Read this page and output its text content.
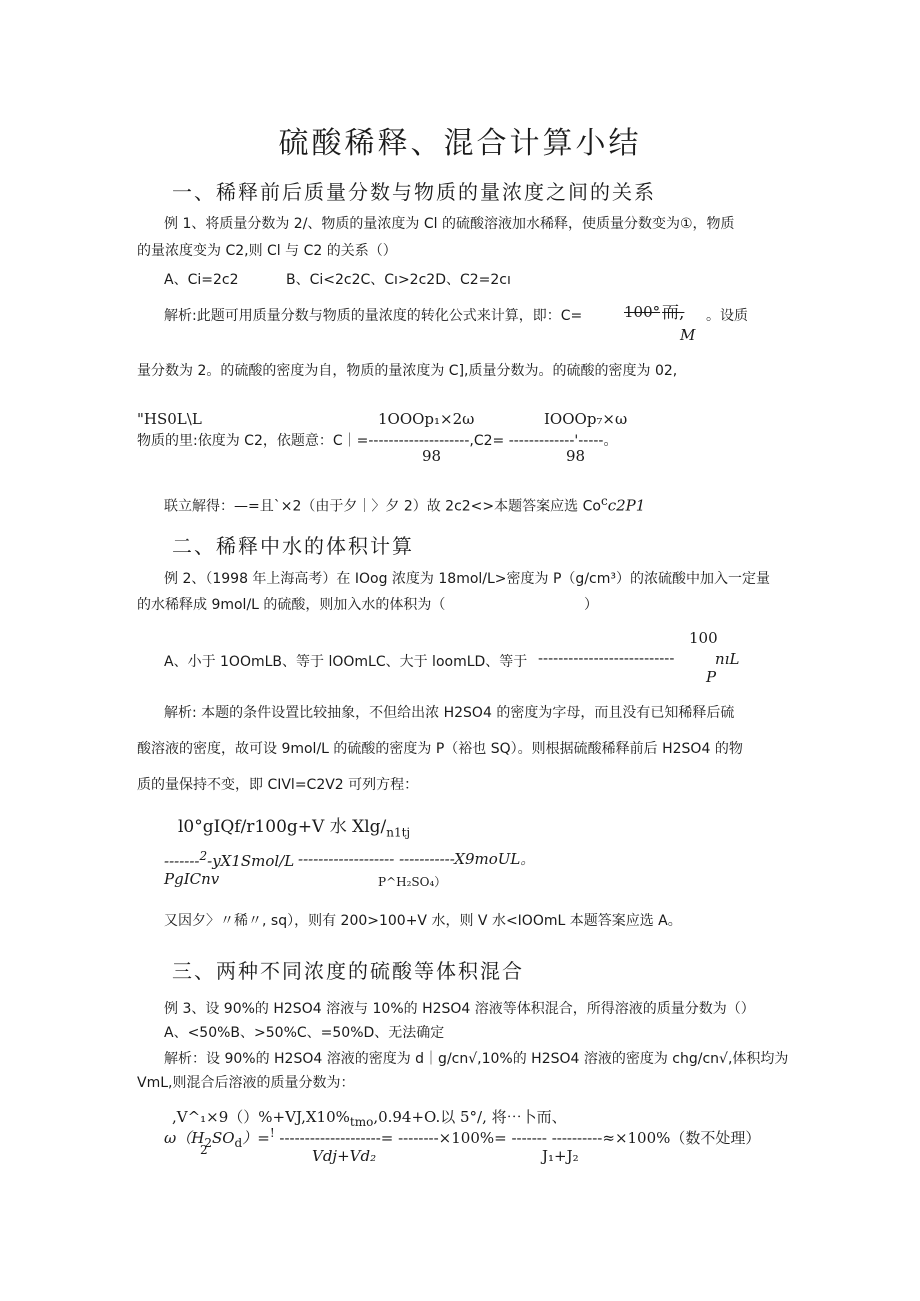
硫酸稀释、混合计算小结
一、稀释前后质量分数与物质的量浓度之间的关系
例 1、将质量分数为 2/、物质的量浓度为 Cl 的硫酸溶液加水稀释，使质量分数变为①，物质
的量浓度变为 C2,则 Cl 与 C2 的关系（）
A、Ci=2c2	B、Ci<2c2C、Cı>2c2D、C2=2cı
解析:此题可用质量分数与物质的量浓度的转化公式来计算，即：C=	100° 而, 。设质
M
量分数为 2。的硫酸的密度为自，物质的量浓度为 C],质量分数为。的硫酸的密度为 02,
"HS0L\L	1OOOp₁×2ω	IOOOp₇×ω
物质的里:依度为 C2，依题意：C｜=--------------------,C2= -------------'-----。
98	98
联立解得：—=且`×2（由于夕｜〉夕 2）故 2c2<>本题答案应选 Co$^c$c2P1
二、稀释中水的体积计算
例 2、（1998 年上海高考）在 IOog 浓度为 18mol/L>密度为 P（g/cm³）的浓硫酸中加入一定量
的水稀释成 9mol/L 的硫酸，则加入水的体积为（	）
100
A、小于 1OOmLB、等于 lOOmLC、大于 loomLD、等于 ---------------------------	nıL
P
解析: 本题的条件设置比较抽象，不但给出浓 H2SO4 的密度为字母，而且没有已知稀释后硫
酸溶液的密度，故可设 9mol/L 的硫酸的密度为 P（裕也 SQ）。则根据硫酸稀释前后 H2SO4 的物
质的量保持不变，即 CIVl=C2V2 可列方程：
l0°gIQf/r100g+V 水 Xlg/$_{n1tj}$
-------$^2$-yX1Smol/L ------------------- -----------X9moUL。
PgICnv	P^H₂SO₄）
又因夕〉〃稀〃, sq），则有 200>100+V 水，则 V 水<IOOmL 本题答案应选 A。
三、两种不同浓度的硫酸等体积混合
例 3、设 90%的 H2SO4 溶液与 10%的 H2SO4 溶液等体积混合，所得溶液的质量分数为（）
A、<50%B、>50%C、=50%D、无法确定
解析：设 90%的 H2SO4 溶液的密度为 d｜g/cn√,10%的 H2SO4 溶液的密度为 chg/cn√,体积均为
VmL,则混合后溶液的质量分数为：
$,V\^{}_1\times 9()\%+VJ,X10\%_{tmo},0.94+O$.以 5°/, 将⋯卜而、
$\omega(H_2SO_d)=^!$ --------------------= --------×100%= ------- ----------≈×100%（数不处理）
2	Vdj+Vd₂	J₁+J₂
